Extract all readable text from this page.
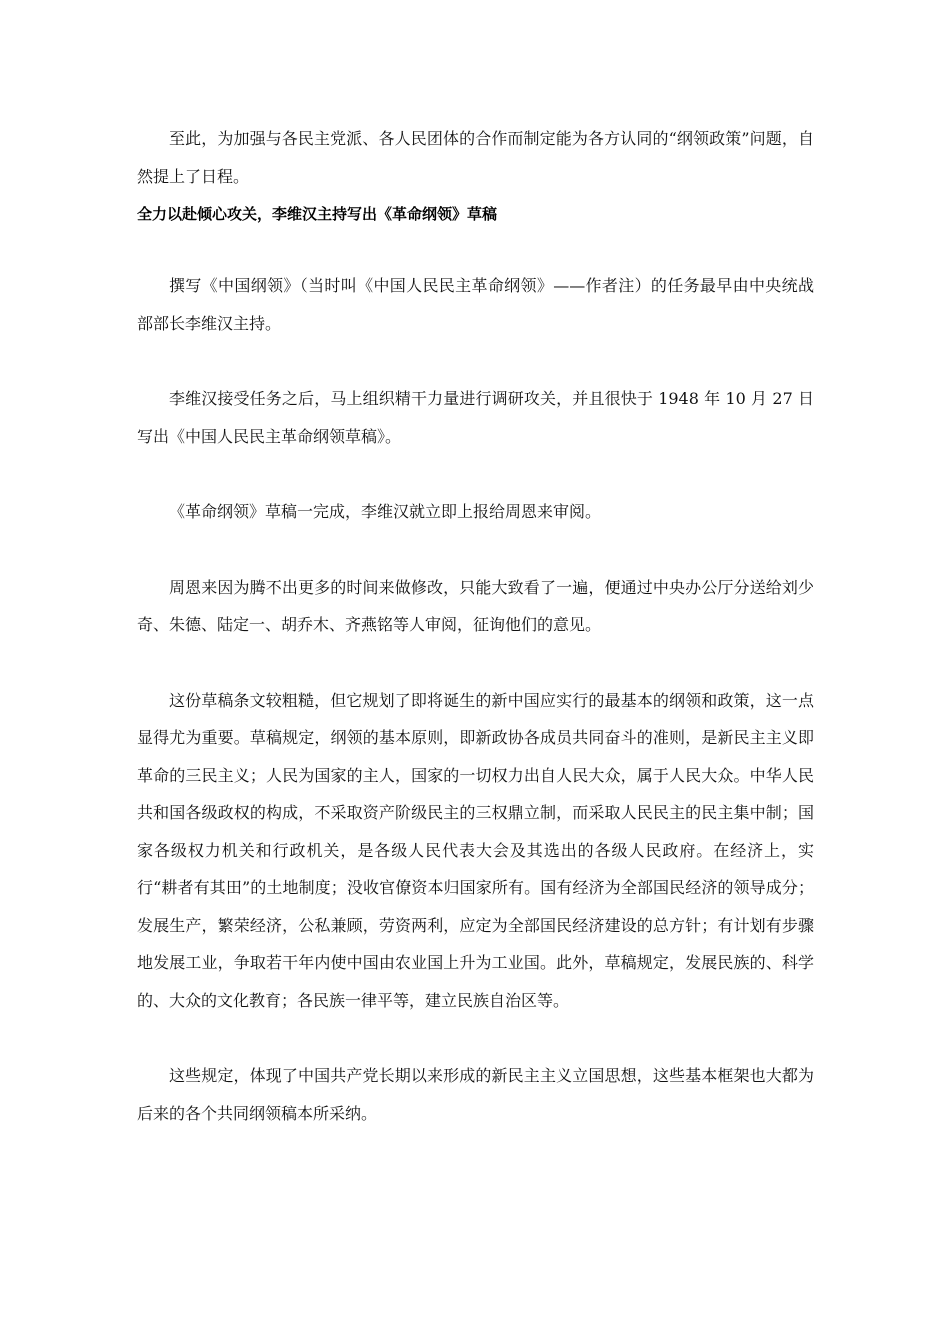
至此，为加强与各民主党派、各人民团体的合作而制定能为各方认同的“纲领政策”问题，自然提上了日程。

全力以赴倾心攻关，李维汉主持写出《革命纲领》草稿

撰写《中国纲领》（当时叫《中国人民民主革命纲领》——作者注）的任务最早由中央统战部部长李维汉主持。

李维汉接受任务之后，马上组织精干力量进行调研攻关，并且很快于 1948 年 10 月 27 日写出《中国人民民主革命纲领草稿》。

《革命纲领》草稿一完成，李维汉就立即上报给周恩来审阅。

周恩来因为腾不出更多的时间来做修改，只能大致看了一遍，便通过中央办公厅分送给刘少奇、朱德、陆定一、胡乔木、齐燕铭等人审阅，征询他们的意见。

这份草稿条文较粗糙，但它规划了即将诞生的新中国应实行的最基本的纲领和政策，这一点显得尤为重要。草稿规定，纲领的基本原则，即新政协各成员共同奋斗的准则，是新民主主义即革命的三民主义；人民为国家的主人，国家的一切权力出自人民大众，属于人民大众。中华人民共和国各级政权的构成，不采取资产阶级民主的三权鼎立制，而采取人民民主的民主集中制；国家各级权力机关和行政机关，是各级人民代表大会及其选出的各级人民政府。在经济上，实行“耕者有其田”的土地制度；没收官僚资本归国家所有。国有经济为全部国民经济的领导成分；发展生产，繁荣经济，公私兼顾，劳资两利，应定为全部国民经济建设的总方针；有计划有步骤地发展工业，争取若干年内使中国由农业国上升为工业国。此外，草稿规定，发展民族的、科学的、大众的文化教育；各民族一律平等，建立民族自治区等。

这些规定，体现了中国共产党长期以来形成的新民主主义立国思想，这些基本框架也大都为后来的各个共同纲领稿本所采纳。
